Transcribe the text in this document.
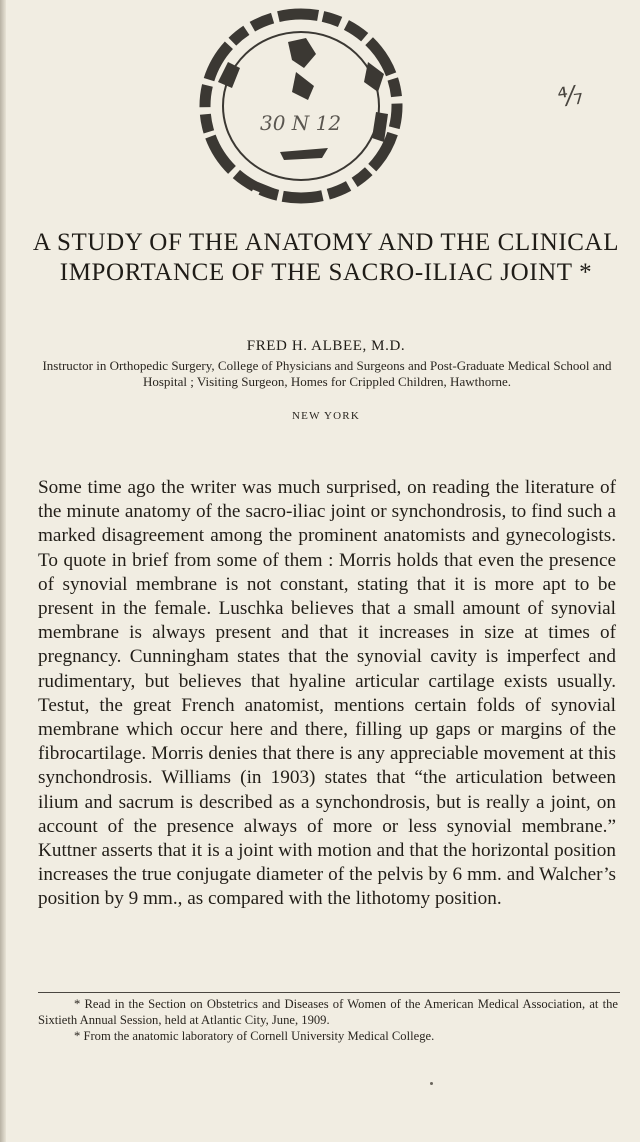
30 N 12
⁴⁄₇
A STUDY OF THE ANATOMY AND THE CLINICAL IMPORTANCE OF THE SACRO-ILIAC JOINT *
FRED H. ALBEE, M.D.
Instructor in Orthopedic Surgery, College of Physicians and Surgeons and Post-Graduate Medical School and Hospital ; Visiting Surgeon, Homes for Crippled Children, Hawthorne.
NEW YORK

Some time ago the writer was much surprised, on reading the literature of the minute anatomy of the sacro-iliac joint or synchondrosis, to find such a marked disagreement among the prominent anatomists and gynecologists. To quote in brief from some of them : Morris holds that even the presence of synovial membrane is not constant, stating that it is more apt to be present in the female. Luschka believes that a small amount of synovial membrane is always present and that it increases in size at times of pregnancy. Cunningham states that the synovial cavity is imperfect and rudimentary, but believes that hyaline articular cartilage exists usually. Testut, the great French anatomist, mentions certain folds of synovial membrane which occur here and there, filling up gaps or margins of the fibrocartilage. Morris denies that there is any appreciable movement at this synchondrosis. Williams (in 1903) states that “the articulation between ilium and sacrum is described as a synchondrosis, but is really a joint, on account of the presence always of more or less synovial membrane.” Kuttner asserts that it is a joint with motion and that the horizontal position increases the true conjugate diameter of the pelvis by 6 mm. and Walcher’s position by 9 mm., as compared with the lithotomy position.

* Read in the Section on Obstetrics and Diseases of Women of the American Medical Association, at the Sixtieth Annual Session, held at Atlantic City, June, 1909.

* From the anatomic laboratory of Cornell University Medical College.
